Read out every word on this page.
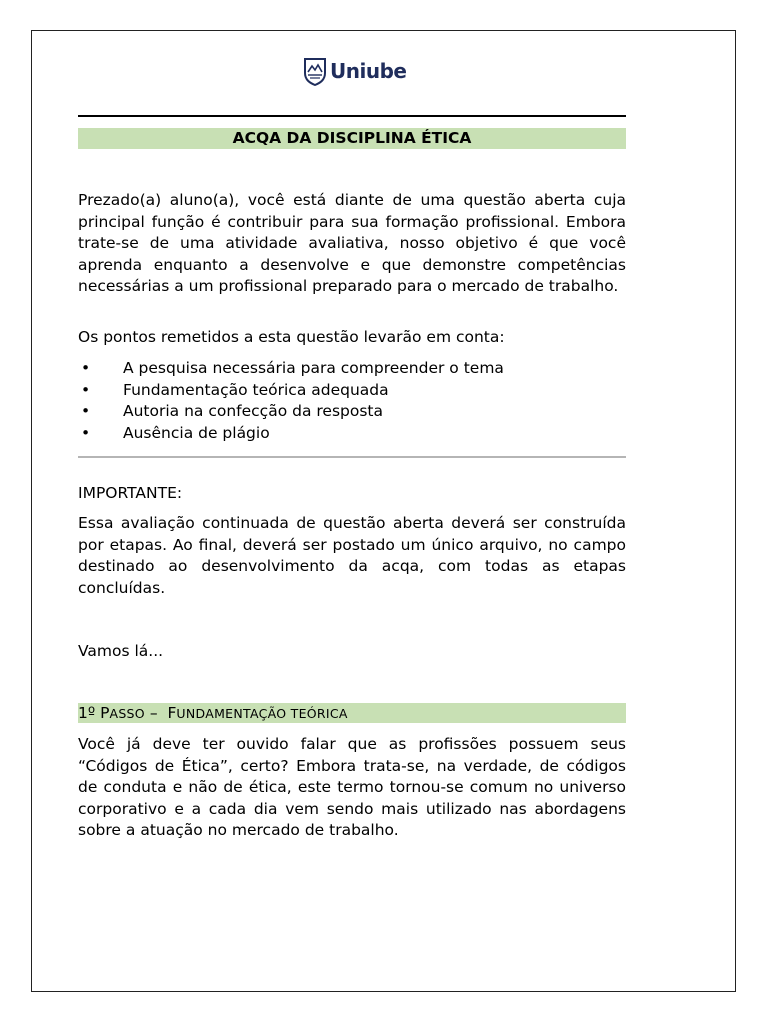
Uniube
ACQA DA DISCIPLINA ÉTICA

Prezado(a) aluno(a), você está diante de uma questão aberta cuja principal função é contribuir para sua formação profissional. Embora trate-se de uma atividade avaliativa, nosso objetivo é que você aprenda enquanto a desenvolve e que demonstre competências necessárias a um profissional preparado para o mercado de trabalho.

Os pontos remetidos a esta questão levarão em conta:

• A pesquisa necessária para compreender o tema
• Fundamentação teórica adequada
• Autoria na confecção da resposta
• Ausência de plágio

IMPORTANTE:

Essa avaliação continuada de questão aberta deverá ser construída por etapas. Ao final, deverá ser postado um único arquivo, no campo destinado ao desenvolvimento da acqa, com todas as etapas concluídas.

Vamos lá...

1º PASSO – FUNDAMENTAÇÃO TEÓRICA

Você já deve ter ouvido falar que as profissões possuem seus “Códigos de Ética”, certo? Embora trata-se, na verdade, de códigos de conduta e não de ética, este termo tornou-se comum no universo corporativo e a cada dia vem sendo mais utilizado nas abordagens sobre a atuação no mercado de trabalho.
